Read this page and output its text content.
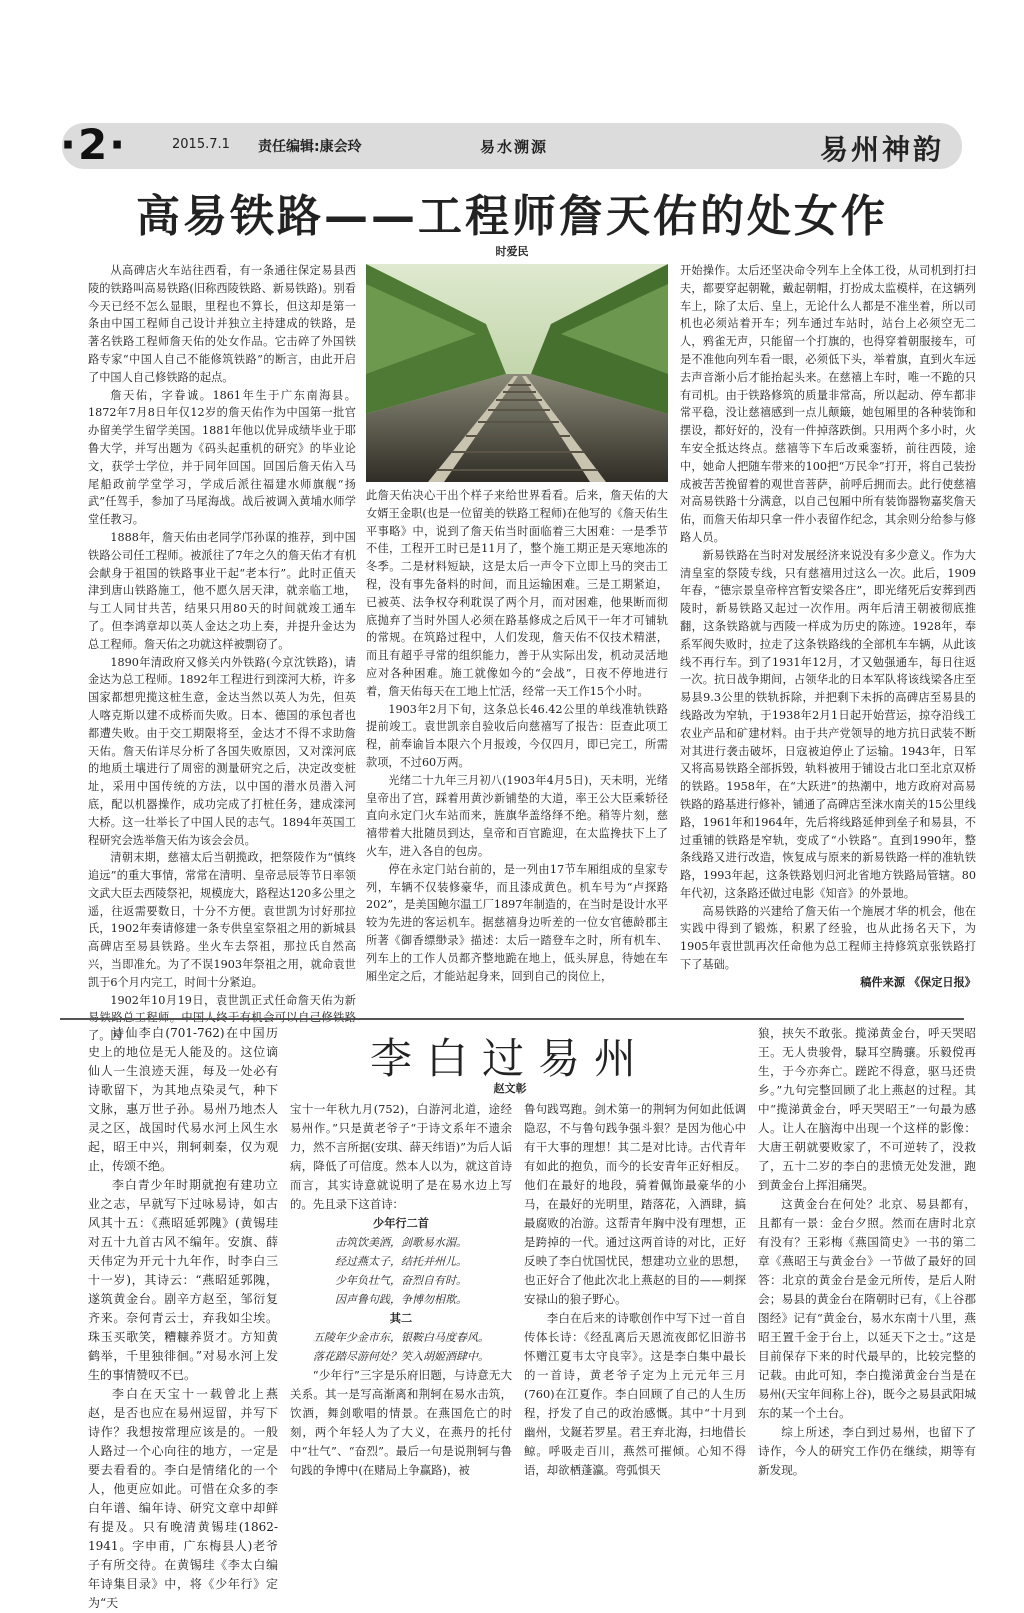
·2·	2015.7.1 责任编辑:康会玲	易水溯源	易州神韵
高易铁路——工程师詹天佑的处女作
时爱民

从高碑店火车站往西看，有一条通往保定易县西陵的铁路叫高易铁路(旧称西陵铁路、新易铁路)。别看今天已经不怎么显眼，里程也不算长，但这却是第一条由中国工程师自己设计并独立主持建成的铁路，是著名铁路工程师詹天佑的处女作品。它击碎了外国铁路专家“中国人自己不能修筑铁路”的断言，由此开启了中国人自己修铁路的起点。

詹天佑，字眷诚。1861年生于广东南海县。1872年7月8日年仅12岁的詹天佑作为中国第一批官办留美学生留学美国。1881年他以优异成绩毕业于耶鲁大学，并写出题为《码头起重机的研究》的毕业论文，获学士学位，并于同年回国。回国后詹天佑入马尾船政前学堂学习，学成后派往福建水师旗舰“扬武”任驾手，参加了马尾海战。战后被调入黄埔水师学堂任教习。

1888年，詹天佑由老同学邝孙谋的推荐，到中国铁路公司任工程师。被派往了7年之久的詹天佑才有机会献身于祖国的铁路事业干起“老本行”。此时正值天津到唐山铁路施工，他不愿久居天津，就亲临工地，与工人同甘共苦，结果只用80天的时间就竣工通车了。但李鸿章却以英人金达之功上奏，并提升金达为总工程师。詹天佑之功就这样被剽窃了。

1890年清政府又修关内外铁路(今京沈铁路)，请金达为总工程师。1892年工程进行到滦河大桥，许多国家都想兜揽这桩生意，金达当然以英人为先，但英人喀克斯以建不成桥而失败。日本、德国的承包者也都遭失败。由于交工期限将至，金达才不得不求助詹天佑。詹天佑详尽分析了各国失败原因，又对滦河底的地质土壤进行了周密的测量研究之后，决定改变桩址，采用中国传统的方法，以中国的潜水员潜入河底，配以机器操作，成功完成了打桩任务，建成滦河大桥。这一壮举长了中国人民的志气。1894年英国工程研究会选举詹天佑为该会会员。

清朝末期，慈禧太后当朝揽政，把祭陵作为“慎终追远”的重大事情，常常在清明、皇帝忌辰等节日率领文武大臣去西陵祭祀，规模庞大，路程达120多公里之遥，往返需要数日，十分不方便。袁世凯为讨好那拉氏，1902年奏请修建一条专供皇室祭祖之用的新城县高碑店至易县铁路。坐火车去祭祖，那拉氏自然高兴，当即准允。为了不误1903年祭祖之用，就命袁世凯于6个月内完工，时间十分紧迫。

1902年10月19日，袁世凯正式任命詹天佑为新易铁路总工程师。中国人终于有机会可以自己修铁路了。因

此詹天佑决心干出个样子来给世界看看。后来，詹天佑的大女婿王金职(也是一位留美的铁路工程师)在他写的《詹天佑生平事略》中，说到了詹天佑当时面临着三大困难：一是季节不佳，工程开工时已是11月了，整个施工期正是天寒地冻的冬季。二是材料短缺，这是太后一声令下立即上马的突击工程，没有事先备料的时间，而且运输困难。三是工期紧迫，已被英、法争权夺利耽误了两个月，而对困难，他果断而彻底抛弃了当时外国人必须在路基修成之后风干一年才可铺轨的常规。在筑路过程中，人们发现，詹天佑不仅技术精湛，而且有超乎寻常的组织能力，善于从实际出发，机动灵活地应对各种困难。施工就像如今的“会战”，日夜不停地进行着，詹天佑每天在工地上忙活，经常一天工作15个小时。

1903年2月下旬，这条总长46.42公里的单线准轨铁路提前竣工。袁世凯亲自验收后向慈禧写了报告：臣查此项工程，前奉谕旨本限六个月报竣，今仅四月，即已完工，所需款项，不过60万两。

光绪二十九年三月初八(1903年4月5日)，天未明，光绪皇帝出了宫，踩着用黄沙新铺垫的大道，率王公大臣乘轿径直向永定门火车站而来，旌旗华盖络绎不绝。稍等片刻，慈禧带着大批随员到达，皇帝和百官跪迎，在太监搀扶下上了火车，进入各自的包房。

停在永定门站台前的，是一列由17节车厢组成的皇家专列，车辆不仅装修豪华，而且漆成黄色。机车号为“卢探路202”，是美国鲍尔温工厂1897年制造的，在当时是设计水平较为先进的客运机车。据慈禧身边听差的一位女官德龄郡主所著《御香缥缈录》描述：太后一踏登车之时，所有机车、列车上的工作人员都齐整地跪在地上，低头屏息，待她在车厢坐定之后，才能站起身来，回到自己的岗位上，

开始操作。太后还坚决命令列车上全体工役，从司机到打扫夫，都要穿起朝靴，戴起朝帽，打扮成太监模样，在这辆列车上，除了太后、皇上，无论什么人都是不准坐着，所以司机也必须站着开车；列车通过车站时，站台上必须空无二人，鸦雀无声，只能留一个打旗的，也得穿着朝服接车，可是不准他向列车看一眼，必须低下头，举着旗，直到火车远去声音渐小后才能抬起头来。在慈禧上车时，唯一不跪的只有司机。由于铁路修筑的质量非常高，所以起动、停车都非常平稳，没让慈禧感到一点儿颠簸，她包厢里的各种装饰和摆设，都好好的，没有一件掉落跌倒。只用两个多小时，火车安全抵达终点。慈禧等下车后改乘銮轿，前往西陵，途中，她命人把随车带来的100把“万民伞”打开，将自己装扮成被苦苦挽留着的观世音菩萨，前呼后拥而去。此行使慈禧对高易铁路十分满意，以自己包厢中所有装饰器物嘉奖詹天佑，而詹天佑却只拿一件小表留作纪念，其余则分给参与修路人员。

新易铁路在当时对发展经济来说没有多少意义。作为大清皇室的祭陵专线，只有慈禧用过这么一次。此后，1909年春，“德宗景皇帝梓宫暂安梁各庄”，即光绪死后安葬到西陵时，新易铁路又起过一次作用。两年后清王朝被彻底推翻，这条铁路就与西陵一样成为历史的陈迹。1928年，奉系军阀失败时，拉走了这条铁路线的全部机车车辆，从此该线不再行车。到了1931年12月，才又勉强通车，每日往返一次。抗日战争期间，占领华北的日本军队将该线梁各庄至易县9.3公里的铁轨拆除，并把剩下未拆的高碑店至易县的线路改为窄轨，于1938年2月1日起开始营运，掠夺沿线工农业产品和矿建材料。由于共产党领导的地方抗日武装不断对其进行袭击破坏，日寇被迫停止了运输。1943年，日军又将高易铁路全部拆毁，轨料被用于铺设古北口至北京双桥的铁路。1958年，在“大跃进”的热潮中，地方政府对高易铁路的路基进行修补，铺通了高碑店至涞水南关的15公里线路，1961年和1964年，先后将线路延伸到垒子和易县，不过重铺的铁路是窄轨，变成了“小铁路”。直到1990年，整条线路又进行改造，恢复成与原来的新易铁路一样的准轨铁路，1993年起，这条铁路划归河北省地方铁路局管辖。80年代初，这条路还做过电影《知音》的外景地。

高易铁路的兴建给了詹天佑一个施展才华的机会，他在实践中得到了锻炼，积累了经验，也从此扬名天下，为1905年袁世凯再次任命他为总工程师主持修筑京张铁路打下了基础。

稿件来源 《保定日报》
李白过易州
赵文彰

诗仙李白(701-762)在中国历史上的地位是无人能及的。这位谪仙人一生浪迹天涯，每及一处必有诗歌留下，为其地点染灵气，种下文脉，惠万世子孙。易州乃地杰人灵之区，战国时代易水河上风生水起，昭王中兴，荆轲刺秦，仅为观止，传颂不绝。

李白青少年时期就抱有建功立业之志，早就写下过咏易诗，如古风其十五：《燕昭延郭隗》(黄锡珪对五十九首古风不编年。安旗、薛天伟定为开元十九年作，时李白三十一岁)，其诗云：“燕昭延郭隗，遂筑黄金台。剧辛方赵至，邹衍复齐来。奈何青云士，弃我如尘埃。珠玉买歌笑，糟糠养贤才。方知黄鹤举，千里独徘徊。”对易水河上发生的事情赞叹不已。

李白在天宝十一载曾北上燕赵，是否也应在易州逗留，并写下诗作？我想按常理应该是的。一般人路过一个心向往的地方，一定是要去看看的。李白是情绪化的一个人，他更应如此。可惜在众多的李白年谱、编年诗、研究文章中却鲜有提及。只有晚清黄锡珪(1862-1941。字申甫，广东梅县人)老爷子有所交待。在黄锡珪《李太白编年诗集目录》中，将《少年行》定为“天

宝十一年秋九月(752)，白游河北道，途经易州作。”只是黄老爷子“于诗文系年不遗余力，然不言所据(安琪、薛天纬语)”为后人诟病，降低了可信度。然本人以为，就这首诗而言，其实诗意就说明了是在易水边上写的。先且录下这首诗：

少年行二首
击筑饮美酒，剑歌易水湄。
经过燕太子，结托并州儿。
少年负壮气，奋烈自有时。
因声鲁句践，争博勿相欺。
其二
五陵年少金市东，银鞍白马度春风。
落花踏尽游何处？笑入胡姬酒肆中。

“少年行”三字是乐府旧题，与诗意无大关系。其一是写高渐离和荆轲在易水击筑，饮酒，舞剑歌唱的情景。在燕国危亡的时刻，两个年轻人为了大义，在燕丹的托付中“壮气”、“奋烈”。最后一句是说荆轲与鲁句践的争博中(在赌局上争赢路)，被

鲁句践骂跑。剑术第一的荆轲为何如此低调隐忍，不与鲁句践争强斗狠？是因为他心中有干大事的理想！其二是对比诗。古代青年有如此的抱负，而今的长安青年正好相反。他们在最好的地段，骑着佩饰最豪华的小马，在最好的光明里，踏落花，入酒肆，搞最腐败的冶游。这帮青年胸中没有理想，正是跨掉的一代。通过这两首诗的对比，正好反映了李白忧国忧民，想建功立业的思想，也正好合了他此次北上燕赵的目的——刺探安禄山的狼子野心。

李白在后来的诗歌创作中写下过一首自传体长诗：《经乱离后天恩流夜郎忆旧游书怀赠江夏韦太守良宰》。这是李白集中最长的一首诗，黄老爷子定为上元元年三月(760)在江夏作。李白回顾了自己的人生历程，抒发了自己的政治感慨。其中“十月到幽州，戈鋋若罗星。君王弃北海，扫地借长鲸。呼吸走百川，燕然可摧倾。心知不得语，却欲栖蓬瀛。弯弧惧天

狼，挟矢不敢张。揽涕黄金台，呼天哭昭王。无人贵骏骨，騄耳空腾骧。乐毅傥再生，于今亦奔亡。蹉跎不得意，驱马还贵乡。”九句完整回顾了北上燕赵的过程。其中“揽涕黄金台，呼天哭昭王”一句最为感人。让人在脑海中出现一个这样的影像：大唐王朝就要败家了，不可逆转了，没救了，五十二岁的李白的悲愤无处发泄，跑到黄金台上挥泪痛哭。

这黄金台在何处？北京、易县都有，且都有一景：金台夕照。然而在唐时北京有没有？王彩梅《燕国简史》一书的第二章《燕昭王与黄金台》一节做了最好的回答：北京的黄金台是金元所传，是后人附会；易县的黄金台在隋朝时已有，《上谷郡图经》记有“黄金台，易水东南十八里，燕昭王置千金于台上，以延天下之士。”这是目前保存下来的时代最早的，比较完整的记载。由此可知，李白揽涕黄金台当是在易州(天宝年间称上谷)，既今之易县武阳城东的某一个土台。

综上所述，李白到过易州，也留下了诗作，今人的研究工作仍在继续，期等有新发现。
